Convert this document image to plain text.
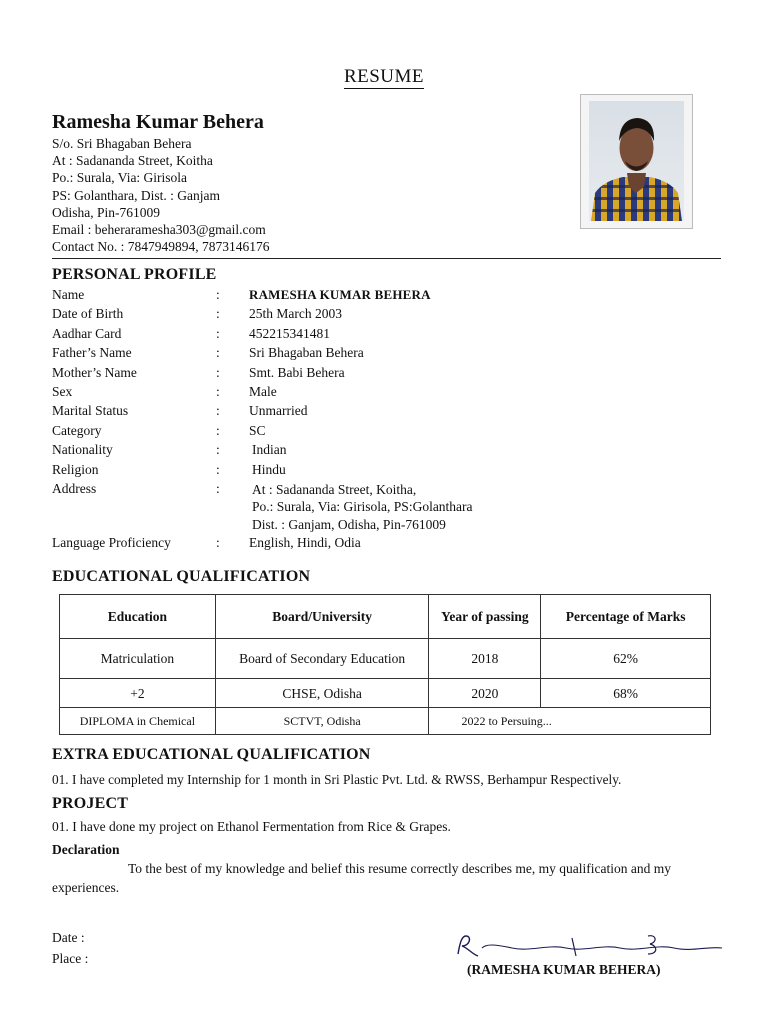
RESUME
Ramesha Kumar Behera
S/o. Sri Bhagaban Behera
At : Sadananda Street, Koitha
Po.: Surala, Via: Girisola
PS: Golanthara, Dist. : Ganjam
Odisha, Pin-761009
Email : beheraramesha303@gmail.com
Contact No. : 7847949894, 7873146176
PERSONAL PROFILE
Name	: RAMESHA KUMAR BEHERA
Date of Birth	: 25th March 2003
Aadhar Card	: 452215341481
Father’s Name	: Sri Bhagaban Behera
Mother’s Name	: Smt. Babi Behera
Sex	: Male
Marital Status	: Unmarried
Category	: SC
Nationality	: Indian
Religion	: Hindu
Address	: At : Sadananda Street, Koitha,
Po.: Surala, Via: Girisola, PS:Golanthara
Dist. : Ganjam, Odisha, Pin-761009
Language Proficiency	: English, Hindi, Odia
EDUCATIONAL QUALIFICATION
Education	Board/University	Year of passing	Percentage of Marks
Matriculation	Board of Secondary Education	2018	62%
+2	CHSE, Odisha	2020	68%
DIPLOMA in Chemical	SCTVT, Odisha	2022 to Persuing...	
EXTRA EDUCATIONAL QUALIFICATION
01. I have completed my Internship for 1 month in Sri Plastic Pvt. Ltd. & RWSS, Berhampur Respectively.
PROJECT
01. I have done my project on Ethanol Fermentation from Rice & Grapes.
Declaration
To the best of my knowledge and belief this resume correctly describes me, my qualification and my experiences.
Date :
Place :
(RAMESHA KUMAR BEHERA)
